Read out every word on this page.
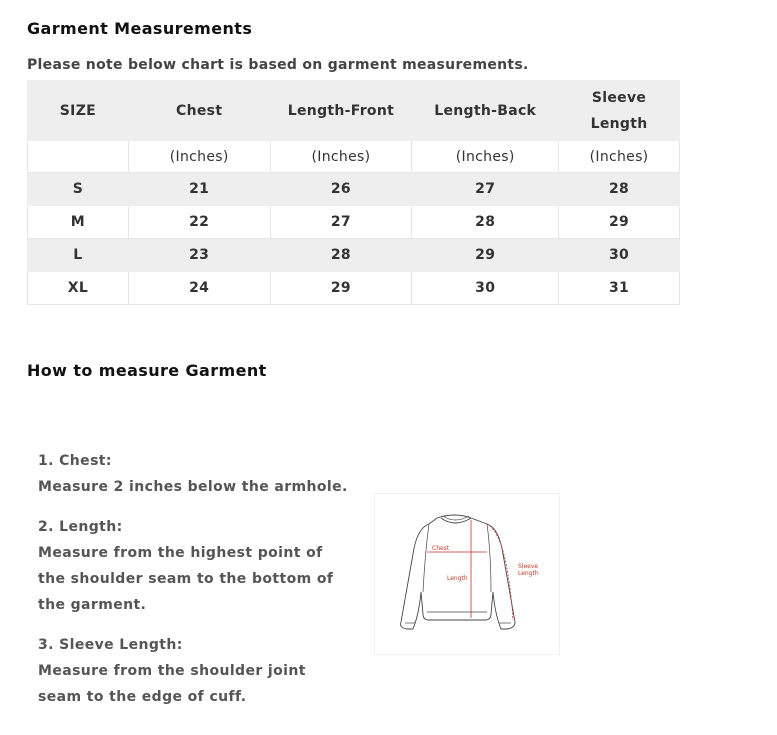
Garment Measurements
Please note below chart is based on garment measurements.
SIZE	Chest	Length-Front	Length-Back	Sleeve Length
	(Inches)	(Inches)	(Inches)	(Inches)
S	21	26	27	28
M	22	27	28	29
L	23	28	29	30
XL	24	29	30	31
How to measure Garment
1. Chest:
Measure 2 inches below the armhole.
2. Length:
Measure from the highest point of
the shoulder seam to the bottom of
the garment.
3. Sleeve Length:
Measure from the shoulder joint
seam to the edge of cuff.
Chest
Length
Sleeve
Length
